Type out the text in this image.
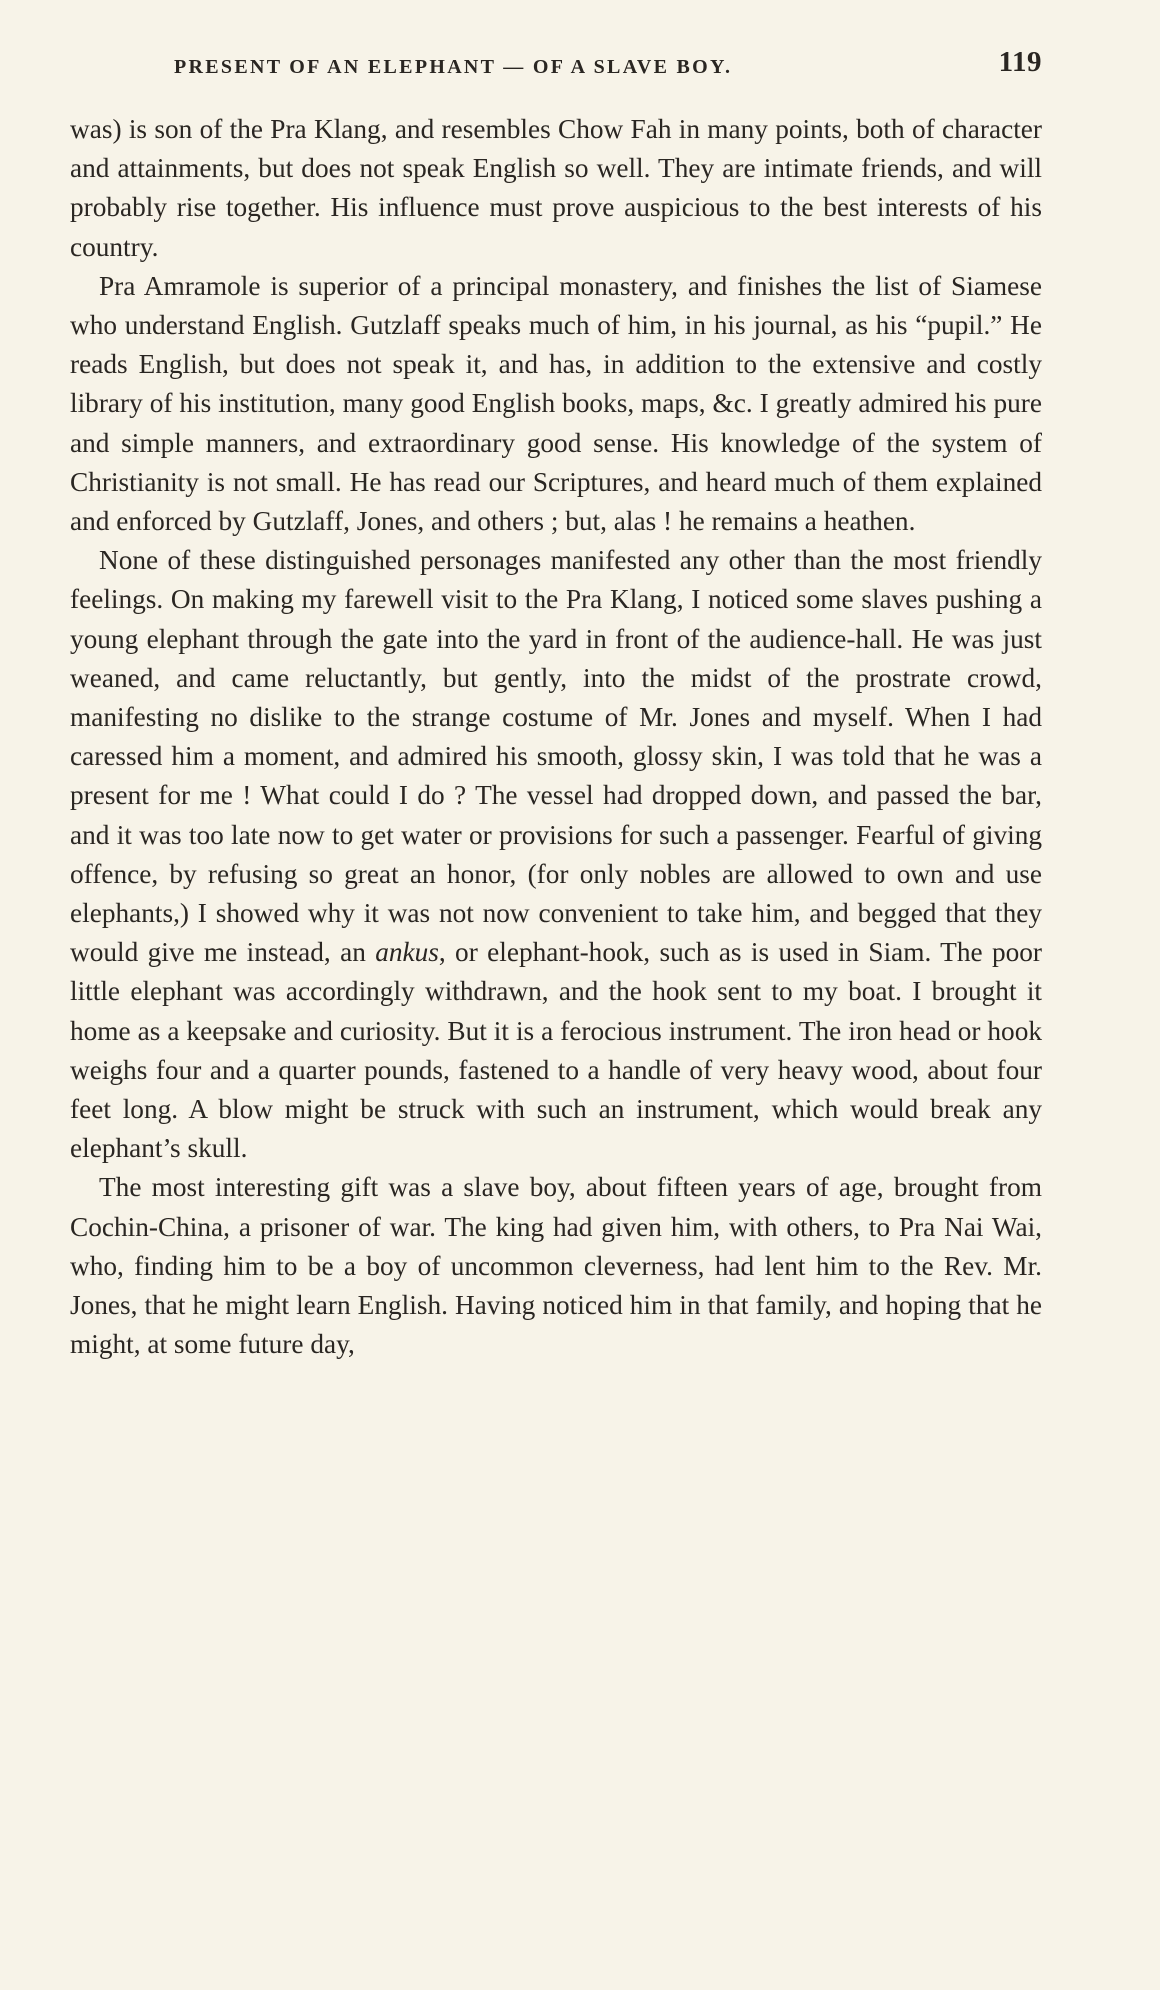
PRESENT OF AN ELEPHANT — OF A SLAVE BOY.	119

was) is son of the Pra Klang, and resembles Chow Fah in many points, both of character and attainments, but does not speak English so well. They are intimate friends, and will probably rise together. His influence must prove auspicious to the best interests of his country.

Pra Amramole is superior of a principal monastery, and finishes the list of Siamese who understand English. Gutzlaff speaks much of him, in his journal, as his “pupil.” He reads English, but does not speak it, and has, in addition to the extensive and costly library of his institution, many good English books, maps, &c. I greatly admired his pure and simple manners, and extraordinary good sense. His knowledge of the system of Christianity is not small. He has read our Scriptures, and heard much of them explained and enforced by Gutzlaff, Jones, and others ; but, alas ! he remains a heathen.

None of these distinguished personages manifested any other than the most friendly feelings. On making my farewell visit to the Pra Klang, I noticed some slaves pushing a young elephant through the gate into the yard in front of the audience-hall. He was just weaned, and came reluctantly, but gently, into the midst of the prostrate crowd, manifesting no dislike to the strange costume of Mr. Jones and myself. When I had caressed him a moment, and admired his smooth, glossy skin, I was told that he was a present for me ! What could I do ? The vessel had dropped down, and passed the bar, and it was too late now to get water or provisions for such a passenger. Fearful of giving offence, by refusing so great an honor, (for only nobles are allowed to own and use elephants,) I showed why it was not now convenient to take him, and begged that they would give me instead, an ankus, or elephant-hook, such as is used in Siam. The poor little elephant was accordingly withdrawn, and the hook sent to my boat. I brought it home as a keepsake and curiosity. But it is a ferocious instrument. The iron head or hook weighs four and a quarter pounds, fastened to a handle of very heavy wood, about four feet long. A blow might be struck with such an instrument, which would break any elephant’s skull.

The most interesting gift was a slave boy, about fifteen years of age, brought from Cochin-China, a prisoner of war. The king had given him, with others, to Pra Nai Wai, who, finding him to be a boy of uncommon cleverness, had lent him to the Rev. Mr. Jones, that he might learn English. Having noticed him in that family, and hoping that he might, at some future day,
